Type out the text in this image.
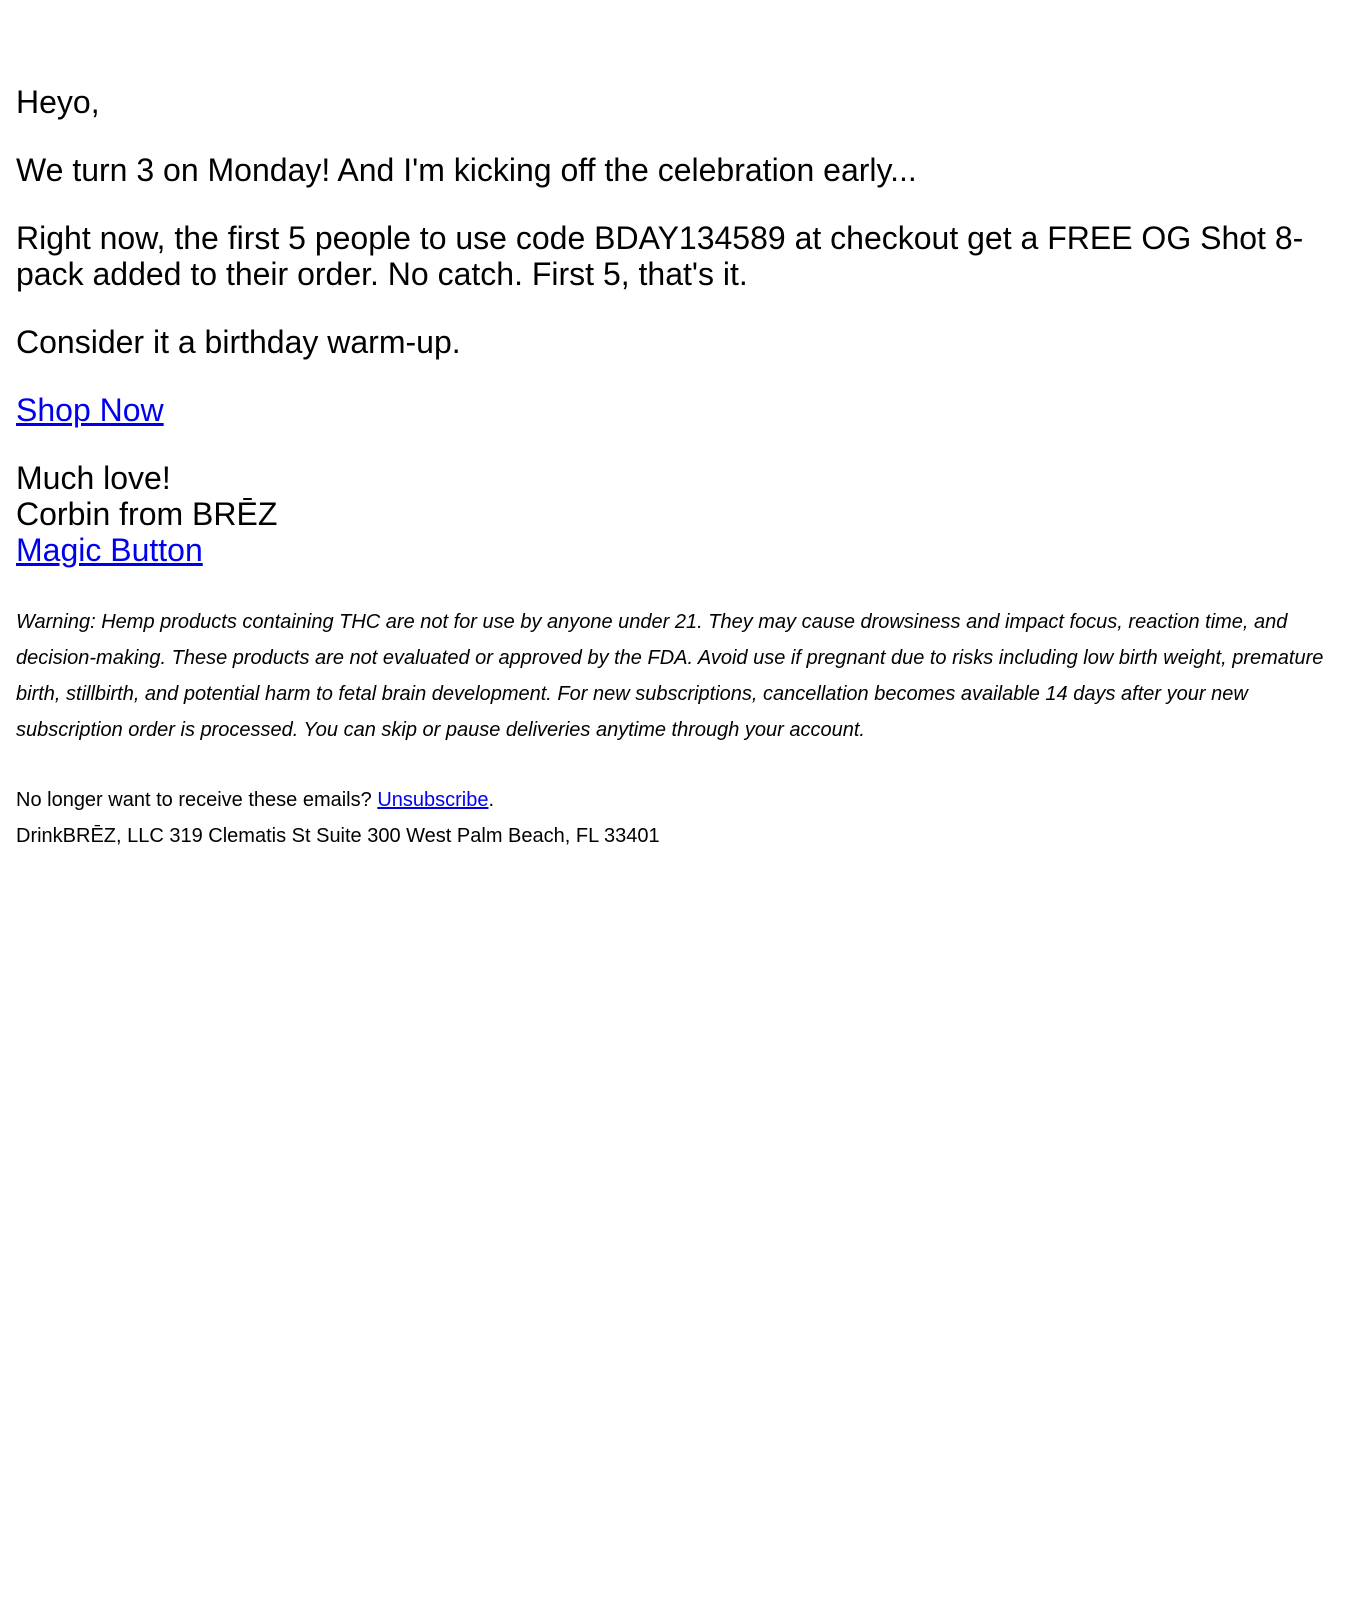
Heyo,

We turn 3 on Monday! And I'm kicking off the celebration early...

Right now, the first 5 people to use code BDAY134589 at checkout get a FREE OG Shot 8-pack added to their order. No catch. First 5, that's it.

Consider it a birthday warm-up.

Shop Now

Much love!
Corbin from BRĒZ
Magic Button

Warning: Hemp products containing THC are not for use by anyone under 21. They may cause drowsiness and impact focus, reaction time, and decision-making. These products are not evaluated or approved by the FDA. Avoid use if pregnant due to risks including low birth weight, premature birth, stillbirth, and potential harm to fetal brain development. For new subscriptions, cancellation becomes available 14 days after your new subscription order is processed. You can skip or pause deliveries anytime through your account.

No longer want to receive these emails? Unsubscribe.
DrinkBRĒZ, LLC 319 Clematis St Suite 300 West Palm Beach, FL 33401
